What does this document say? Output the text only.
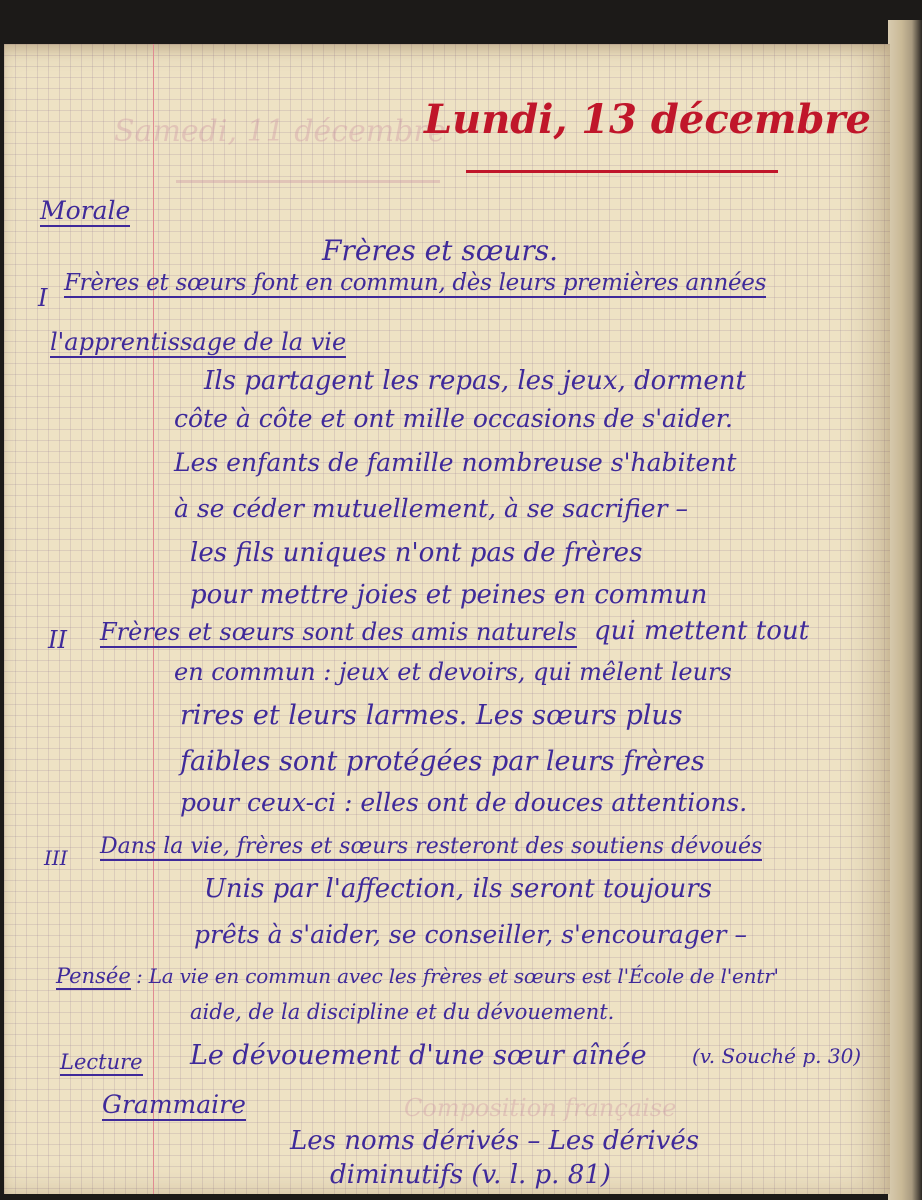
Samedi, 11 décembre
Composition française
Lundi, 13 décembre
Morale
Frères et sœurs.
I
Frères et sœurs font en commun, dès leurs premières années
l'apprentissage de la vie
Ils partagent les repas, les jeux, dorment
côte à côte et ont mille occasions de s'aider.
Les enfants de famille nombreuse s'habitent
à se céder mutuellement, à se sacrifier –
les fils uniques n'ont pas de frères
pour mettre joies et peines en commun
II Frères et sœurs sont des amis naturels qui mettent tout
en commun : jeux et devoirs, qui mêlent leurs
rires et leurs larmes. Les sœurs plus
faibles sont protégées par leurs frères
pour ceux-ci : elles ont de douces attentions.
III Dans la vie, frères et sœurs resteront des soutiens dévoués
Unis par l'affection, ils seront toujours
prêts à s'aider, se conseiller, s'encourager –
Pensée : La vie en commun avec les frères et sœurs est l'École de l'entr'
aide, de la discipline et du dévouement.
Lecture Le dévouement d'une sœur aînée (v. Souché p. 30)
Grammaire
Les noms dérivés – Les dérivés
diminutifs (v. l. p. 81)
